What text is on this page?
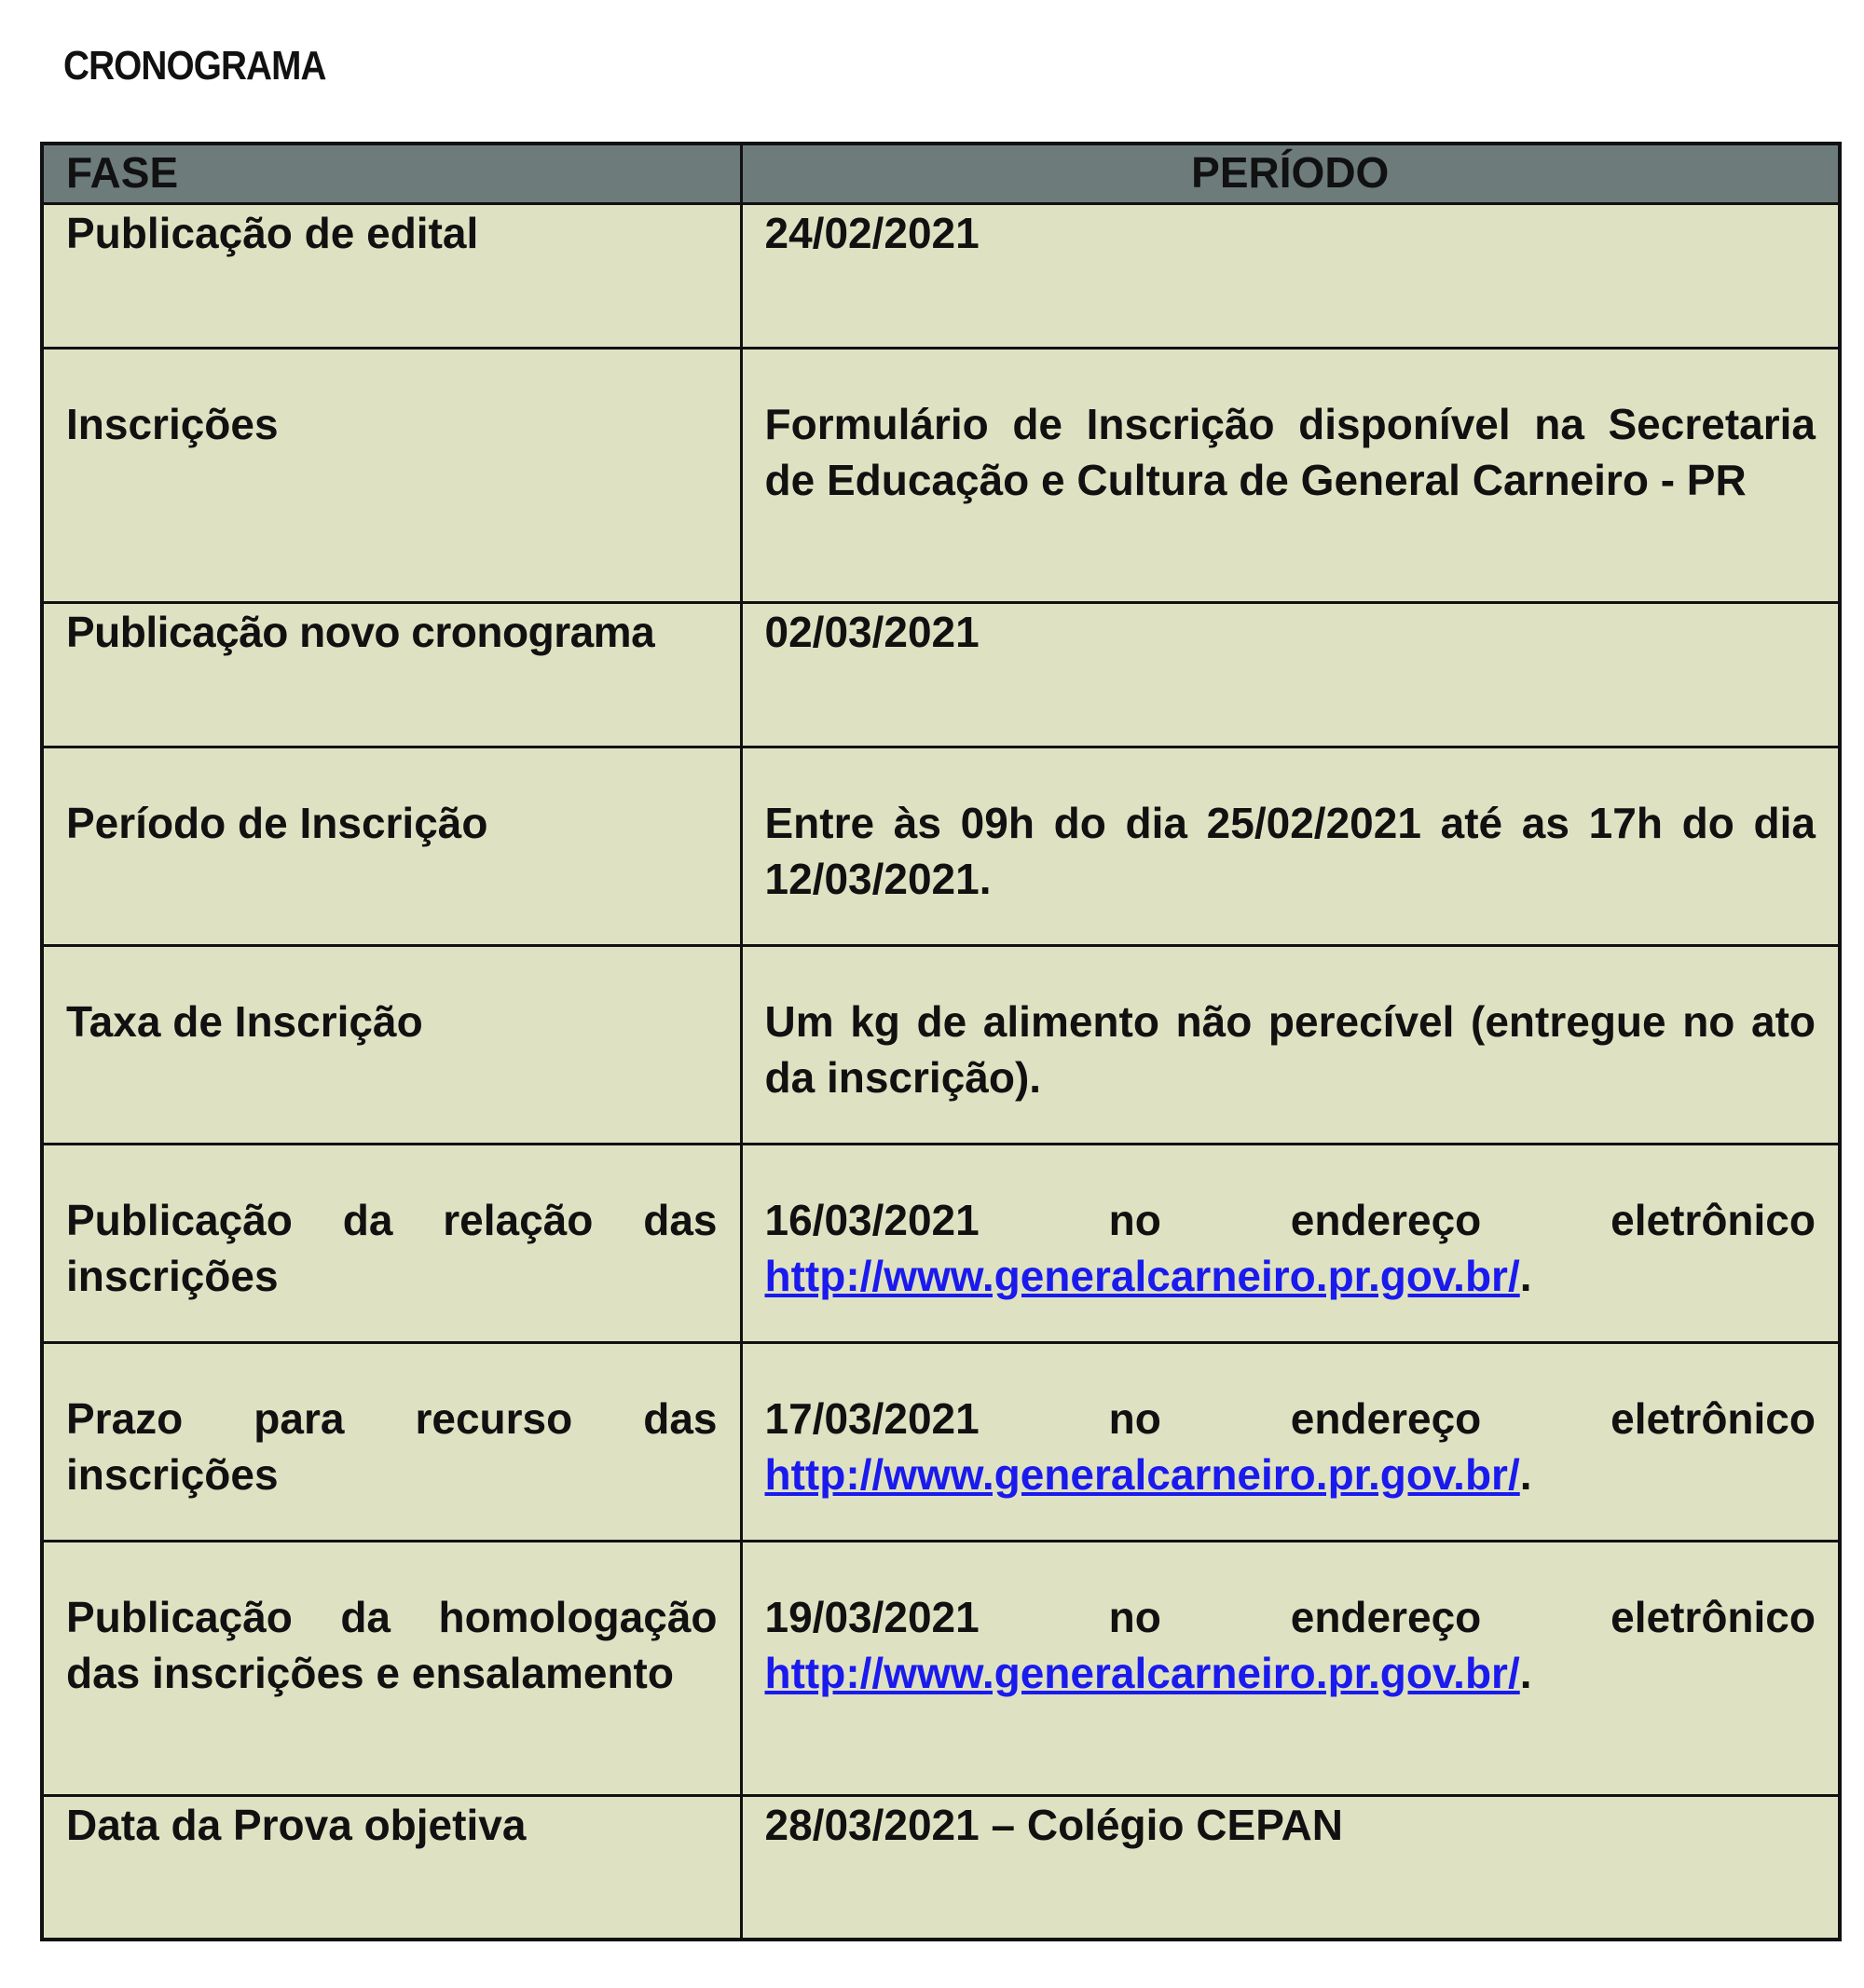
CRONOGRAMA
FASE	PERÍODO
Publicação de edital	24/02/2021
Inscrições	Formulário de Inscrição disponível na Secretaria de Educação e Cultura de General Carneiro - PR
Publicação novo cronograma	02/03/2021
Período de Inscrição	Entre às 09h do dia 25/02/2021 até as 17h do dia 12/03/2021.
Taxa de Inscrição	Um kg de alimento não perecível (entregue no ato da inscrição).
Publicação da relação das inscrições	16/03/2021 no endereço eletrônico http://www.generalcarneiro.pr.gov.br/.
Prazo para recurso das inscrições	17/03/2021 no endereço eletrônico http://www.generalcarneiro.pr.gov.br/.
Publicação da homologação das inscrições e ensalamento	19/03/2021 no endereço eletrônico http://www.generalcarneiro.pr.gov.br/.
Data da Prova objetiva	28/03/2021 – Colégio CEPAN
